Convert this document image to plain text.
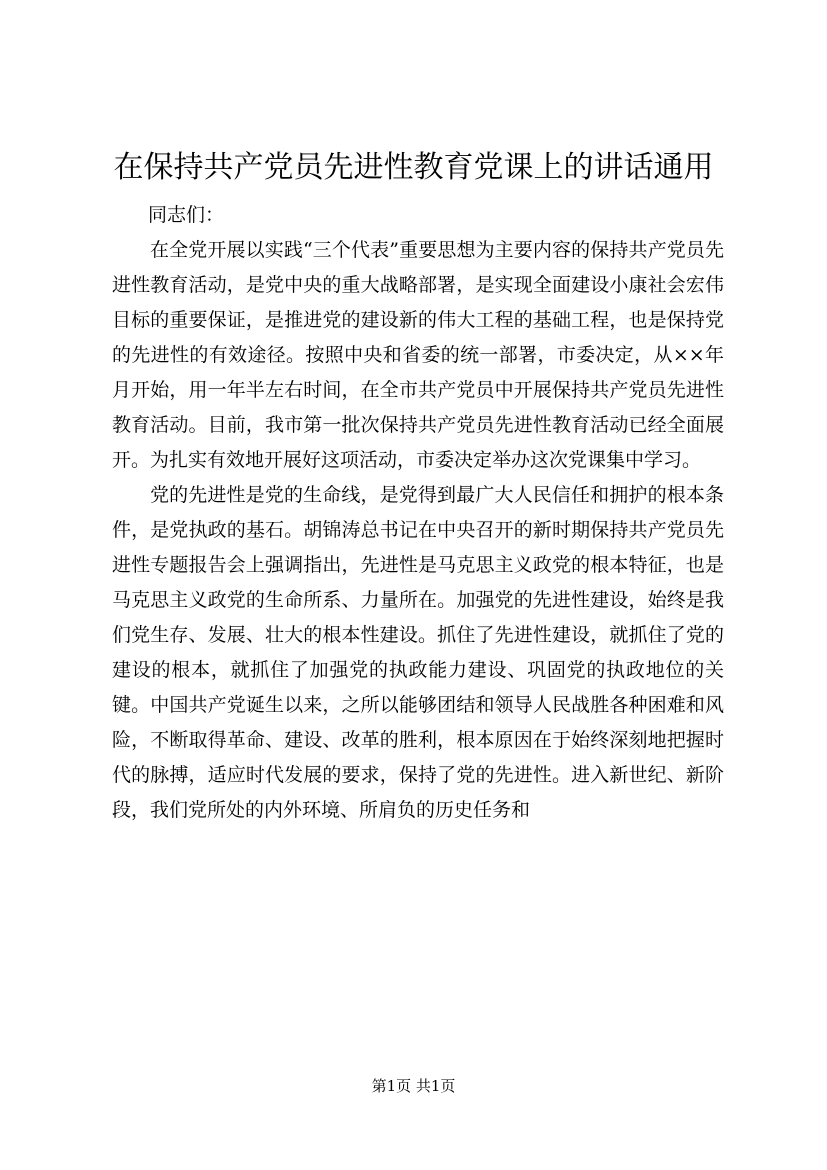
在保持共产党员先进性教育党课上的讲话通用

同志们：

在全党开展以实践“三个代表”重要思想为主要内容的保持共产党员先进性教育活动，是党中央的重大战略部署，是实现全面建设小康社会宏伟目标的重要保证，是推进党的建设新的伟大工程的基础工程，也是保持党的先进性的有效途径。按照中央和省委的统一部署，市委决定，从××年月开始，用一年半左右时间，在全市共产党员中开展保持共产党员先进性教育活动。目前，我市第一批次保持共产党员先进性教育活动已经全面展开。为扎实有效地开展好这项活动，市委决定举办这次党课集中学习。

党的先进性是党的生命线，是党得到最广大人民信任和拥护的根本条件，是党执政的基石。胡锦涛总书记在中央召开的新时期保持共产党员先进性专题报告会上强调指出，先进性是马克思主义政党的根本特征，也是马克思主义政党的生命所系、力量所在。加强党的先进性建设，始终是我们党生存、发展、壮大的根本性建设。抓住了先进性建设，就抓住了党的建设的根本，就抓住了加强党的执政能力建设、巩固党的执政地位的关键。中国共产党诞生以来，之所以能够团结和领导人民战胜各种困难和风险，不断取得革命、建设、改革的胜利，根本原因在于始终深刻地把握时代的脉搏，适应时代发展的要求，保持了党的先进性。进入新世纪、新阶段，我们党所处的内外环境、所肩负的历史任务和

第1页 共1页
